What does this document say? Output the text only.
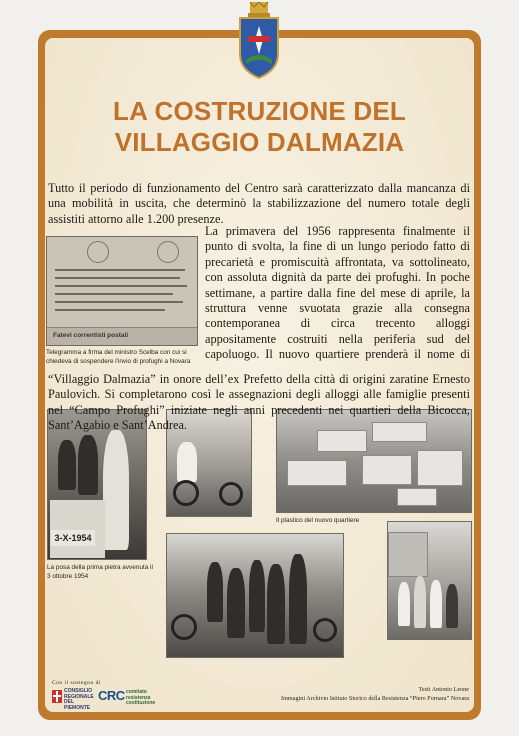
LA COSTRUZIONE DEL
VILLAGGIO DALMAZIA

Tutto il periodo di funzionamento del Centro sarà caratterizzato dalla mancanza di una mobilità in uscita, che determinò la stabilizzazione del numero totale degli assistiti attorno alle 1.200 presenze.

Fatevi correntisti postali
Telegramma a firma del ministro Scelba con cui si chiedeva di sospendere l'invio di profughi a Novara
La primavera del 1956 rappresenta finalmente il punto di svolta, la fine di un lungo periodo fatto di precarietà e promiscuità affrontata, va sottolineato, con assoluta dignità da parte dei profughi. In poche settimane, a partire dalla fine del mese di aprile, la struttura venne svuotata grazie alla consegna contemporanea di circa trecento alloggi appositamente costruiti nella periferia sud del capoluogo. Il nuovo quartiere prenderà il nome di
3-X-1954
La posa della prima pietra avvenuta il 3 ottobre 1954
Il plastico del nuovo quartiere
Con il sostegno di
CONSIGLIO REGIONALE DEL PIEMONTE
CRC comitato resistenza costituzione
Testi Antonio Leone
Immagini Archivio Istituto Storico della Resistenza “Piero Fornara” Novara

“Villaggio Dalmazia” in onore dell’ex Prefetto della città di origini zaratine Ernesto Paulovich. Si completarono così le assegnazioni degli alloggi alle famiglie presenti nel “Campo Profughi” iniziate negli anni precedenti nei quartieri della Bicocca, Sant’Agabio e Sant’Andrea.
